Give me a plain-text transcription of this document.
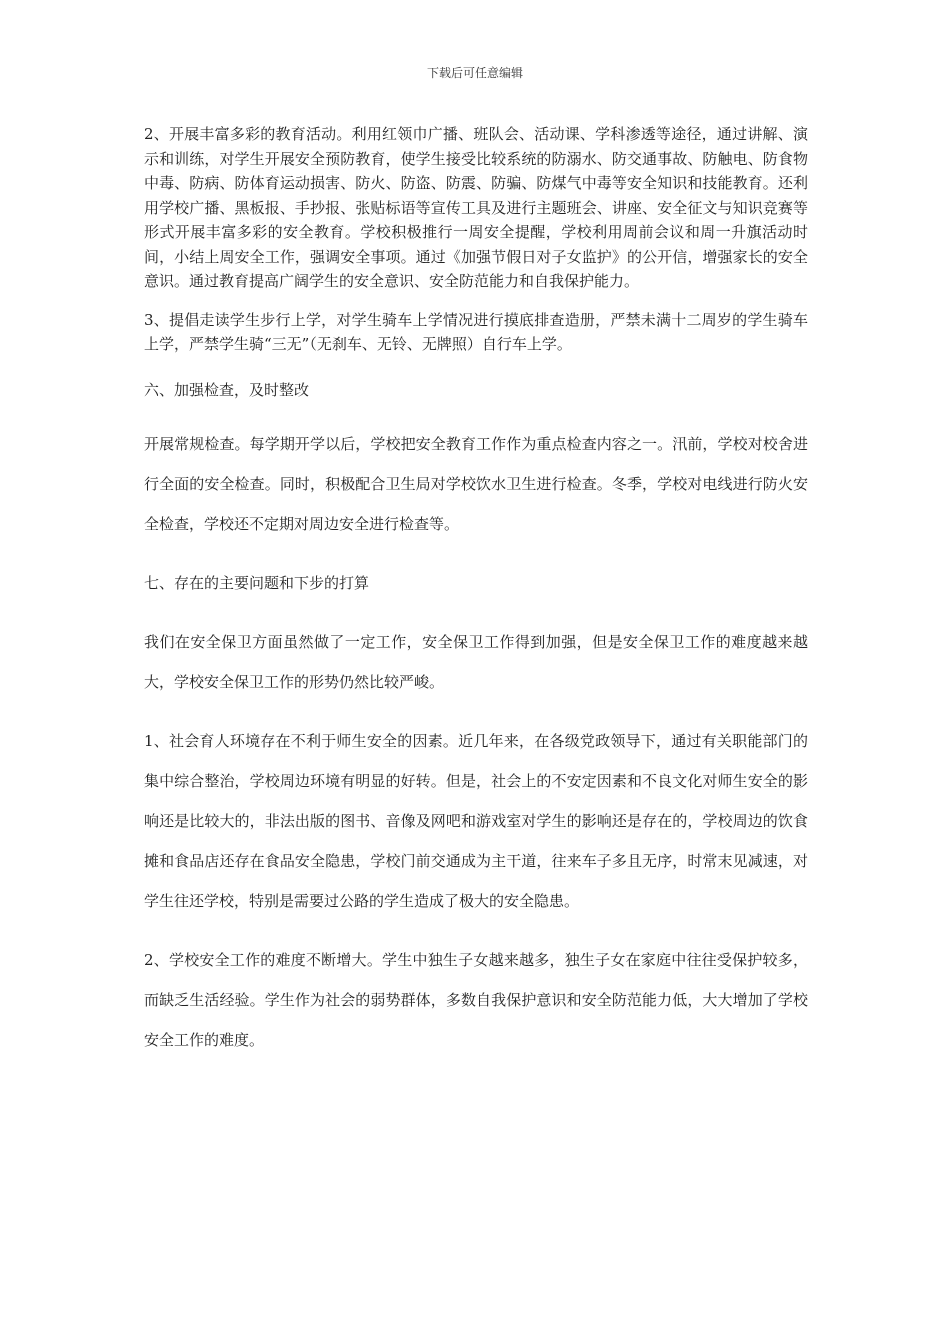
下载后可任意编辑

2、开展丰富多彩的教育活动。利用红领巾广播、班队会、活动课、学科渗透等途径，通过讲解、演示和训练，对学生开展安全预防教育，使学生接受比较系统的防溺水、防交通事故、防触电、防食物中毒、防病、防体育运动损害、防火、防盗、防震、防骗、防煤气中毒等安全知识和技能教育。还利用学校广播、黑板报、手抄报、张贴标语等宣传工具及进行主题班会、讲座、安全征文与知识竞赛等形式开展丰富多彩的安全教育。学校积极推行一周安全提醒，学校利用周前会议和周一升旗活动时间，小结上周安全工作，强调安全事项。通过《加强节假日对子女监护》的公开信，增强家长的安全意识。通过教育提高广阔学生的安全意识、安全防范能力和自我保护能力。

3、提倡走读学生步行上学，对学生骑车上学情况进行摸底排查造册，严禁未满十二周岁的学生骑车上学，严禁学生骑“三无”（无刹车、无铃、无牌照）自行车上学。

六、加强检查，及时整改

开展常规检查。每学期开学以后，学校把安全教育工作作为重点检查内容之一。汛前，学校对校舍进行全面的安全检查。同时，积极配合卫生局对学校饮水卫生进行检查。冬季，学校对电线进行防火安全检查，学校还不定期对周边安全进行检查等。

七、存在的主要问题和下步的打算

我们在安全保卫方面虽然做了一定工作，安全保卫工作得到加强，但是安全保卫工作的难度越来越大，学校安全保卫工作的形势仍然比较严峻。

1、社会育人环境存在不利于师生安全的因素。近几年来，在各级党政领导下，通过有关职能部门的集中综合整治，学校周边环境有明显的好转。但是，社会上的不安定因素和不良文化对师生安全的影响还是比较大的，非法出版的图书、音像及网吧和游戏室对学生的影响还是存在的，学校周边的饮食摊和食品店还存在食品安全隐患，学校门前交通成为主干道，往来车子多且无序，时常末见减速，对学生往还学校，特别是需要过公路的学生造成了极大的安全隐患。

2、学校安全工作的难度不断增大。学生中独生子女越来越多，独生子女在家庭中往往受保护较多，而缺乏生活经验。学生作为社会的弱势群体，多数自我保护意识和安全防范能力低，大大增加了学校安全工作的难度。
